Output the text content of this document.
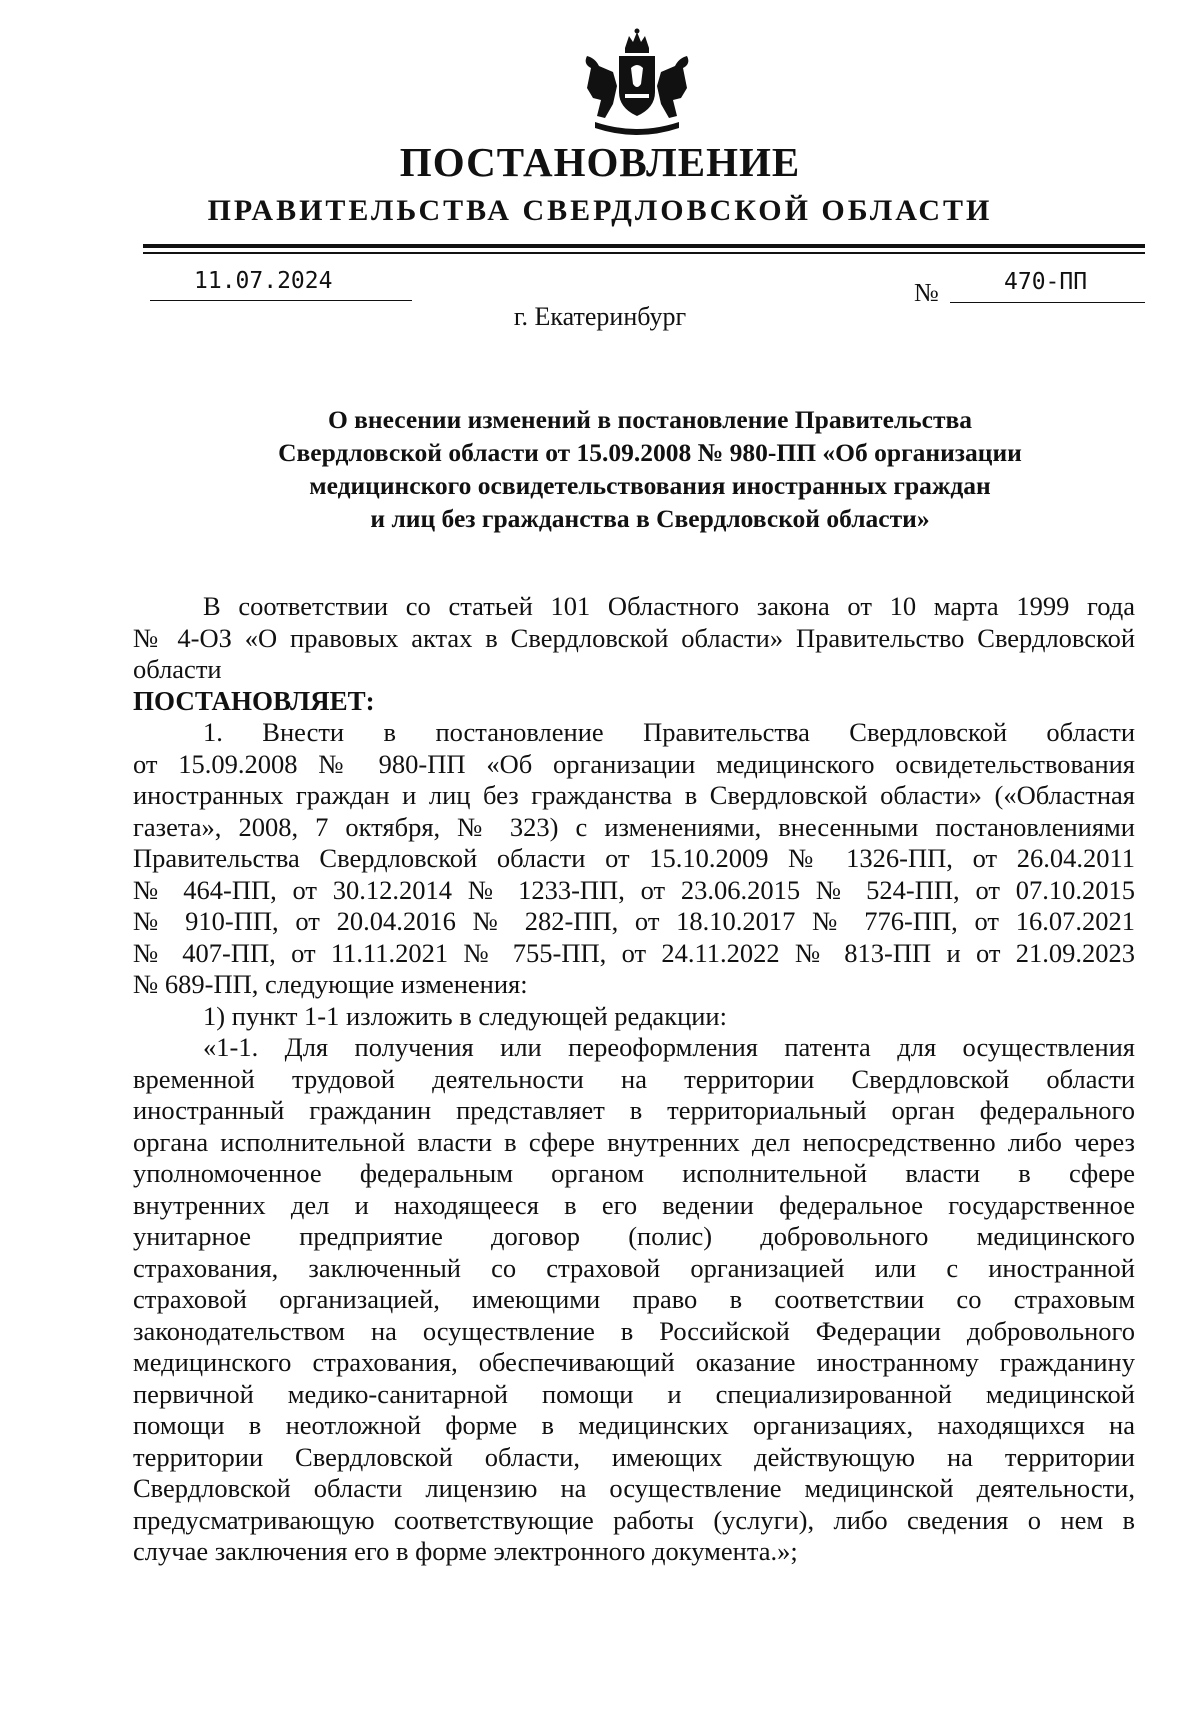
ПОСТАНОВЛЕНИЕ
ПРАВИТЕЛЬСТВА СВЕРДЛОВСКОЙ ОБЛАСТИ
11.07.2024	№	470-ПП
г. Екатеринбург
О внесении изменений в постановление Правительства
Свердловской области от 15.09.2008 № 980-ПП «Об организации
медицинского освидетельствования иностранных граждан
и лиц без гражданства в Свердловской области»
В соответствии со статьей 101 Областного закона от 10 марта 1999 года
№ 4-ОЗ «О правовых актах в Свердловской области» Правительство Свердловской
области
ПОСТАНОВЛЯЕТ:
1. Внести в постановление Правительства Свердловской области
от 15.09.2008 № 980-ПП «Об организации медицинского освидетельствования
иностранных граждан и лиц без гражданства в Свердловской области» («Областная
газета», 2008, 7 октября, № 323) с изменениями, внесенными постановлениями
Правительства Свердловской области от 15.10.2009 № 1326-ПП, от 26.04.2011
№ 464-ПП, от 30.12.2014 № 1233-ПП, от 23.06.2015 № 524-ПП, от 07.10.2015
№ 910-ПП, от 20.04.2016 № 282-ПП, от 18.10.2017 № 776-ПП, от 16.07.2021
№ 407-ПП, от 11.11.2021 № 755-ПП, от 24.11.2022 № 813-ПП и от 21.09.2023
№ 689-ПП, следующие изменения:
1) пункт 1-1 изложить в следующей редакции:
«1-1. Для получения или переоформления патента для осуществления
временной трудовой деятельности на территории Свердловской области
иностранный гражданин представляет в территориальный орган федерального
органа исполнительной власти в сфере внутренних дел непосредственно либо через
уполномоченное федеральным органом исполнительной власти в сфере
внутренних дел и находящееся в его ведении федеральное государственное
унитарное предприятие договор (полис) добровольного медицинского
страхования, заключенный со страховой организацией или с иностранной
страховой организацией, имеющими право в соответствии со страховым
законодательством на осуществление в Российской Федерации добровольного
медицинского страхования, обеспечивающий оказание иностранному гражданину
первичной медико-санитарной помощи и специализированной медицинской
помощи в неотложной форме в медицинских организациях, находящихся на
территории Свердловской области, имеющих действующую на территории
Свердловской области лицензию на осуществление медицинской деятельности,
предусматривающую соответствующие работы (услуги), либо сведения о нем в
случае заключения его в форме электронного документа.»;
